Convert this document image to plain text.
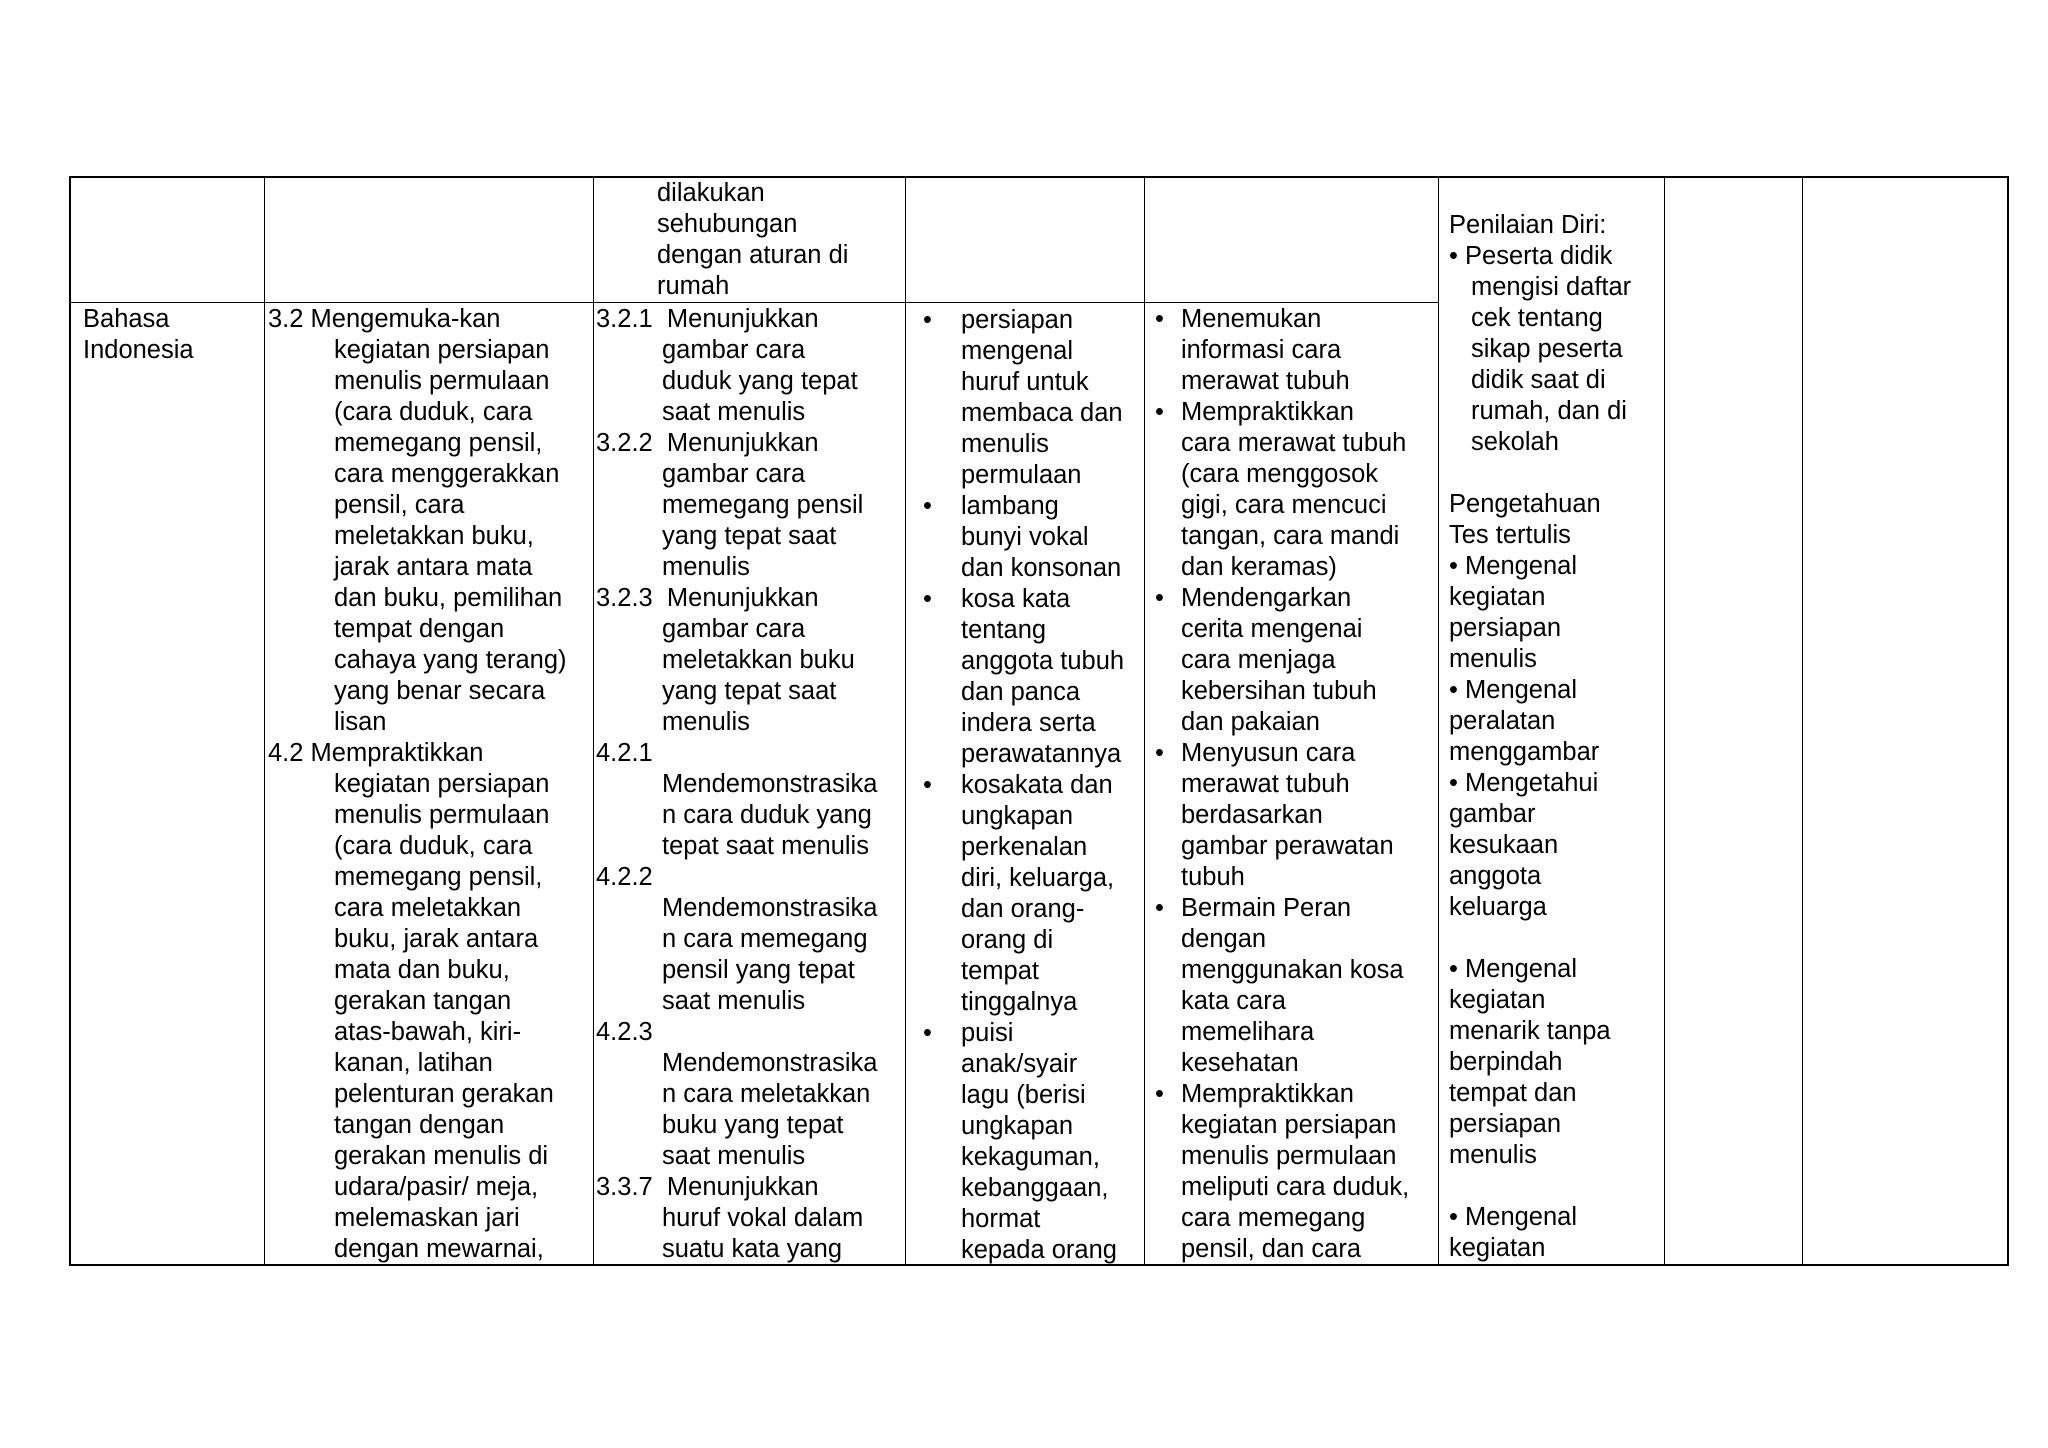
dilakukan
sehubungan
dengan aturan di
rumah
Bahasa
Indonesia
3.2 Mengemuka-kan
kegiatan persiapan
menulis permulaan
(cara duduk, cara
memegang pensil,
cara menggerakkan
pensil, cara
meletakkan buku,
jarak antara mata
dan buku, pemilihan
tempat dengan
cahaya yang terang)
yang benar secara
lisan
4.2 Mempraktikkan
kegiatan persiapan
menulis permulaan
(cara duduk, cara
memegang pensil,
cara meletakkan
buku, jarak antara
mata dan buku,
gerakan tangan
atas-bawah, kiri-
kanan, latihan
pelenturan gerakan
tangan dengan
gerakan menulis di
udara/pasir/ meja,
melemaskan jari
dengan mewarnai,
3.2.1 Menunjukkan
gambar cara
duduk yang tepat
saat menulis
3.2.2 Menunjukkan
gambar cara
memegang pensil
yang tepat saat
menulis
3.2.3 Menunjukkan
gambar cara
meletakkan buku
yang tepat saat
menulis
4.2.1
Mendemonstrasika
n cara duduk yang
tepat saat menulis
4.2.2
Mendemonstrasika
n cara memegang
pensil yang tepat
saat menulis
4.2.3
Mendemonstrasika
n cara meletakkan
buku yang tepat
saat menulis
3.3.7 Menunjukkan
huruf vokal dalam
suatu kata yang
• persiapan
mengenal
huruf untuk
membaca dan
menulis
permulaan
• lambang
bunyi vokal
dan konsonan
• kosa kata
tentang
anggota tubuh
dan panca
indera serta
perawatannya
• kosakata dan
ungkapan
perkenalan
diri, keluarga,
dan orang-
orang di
tempat
tinggalnya
• puisi
anak/syair
lagu (berisi
ungkapan
kekaguman,
kebanggaan,
hormat
kepada orang
• Menemukan
informasi cara
merawat tubuh
• Mempraktikkan
cara merawat tubuh
(cara menggosok
gigi, cara mencuci
tangan, cara mandi
dan keramas)
• Mendengarkan
cerita mengenai
cara menjaga
kebersihan tubuh
dan pakaian
• Menyusun cara
merawat tubuh
berdasarkan
gambar perawatan
tubuh
• Bermain Peran
dengan
menggunakan kosa
kata cara
memelihara
kesehatan
• Mempraktikkan
kegiatan persiapan
menulis permulaan
meliputi cara duduk,
cara memegang
pensil, dan cara
Penilaian Diri:
• Peserta didik
mengisi daftar
cek tentang
sikap peserta
didik saat di
rumah, dan di
sekolah
Pengetahuan
Tes tertulis
• Mengenal
kegiatan
persiapan
menulis
• Mengenal
peralatan
menggambar
• Mengetahui
gambar
kesukaan
anggota
keluarga
• Mengenal
kegiatan
menarik tanpa
berpindah
tempat dan
persiapan
menulis
• Mengenal
kegiatan
